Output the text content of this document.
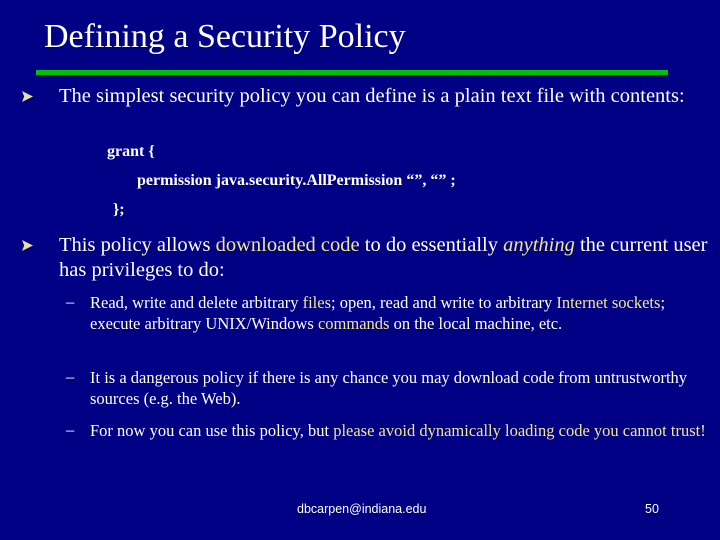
Defining a Security Policy
The simplest security policy you can define is a plain text file with contents:
grant {
permission java.security.AllPermission “”, “” ;
};
This policy allows downloaded code to do essentially anything the current user has privileges to do:
– Read, write and delete arbitrary files; open, read and write to arbitrary Internet sockets; execute arbitrary UNIX/Windows commands on the local machine, etc.
– It is a dangerous policy if there is any chance you may download code from untrustworthy sources (e.g. the Web).
– For now you can use this policy, but please avoid dynamically loading code you cannot trust!
dbcarpen@indiana.edu	50
